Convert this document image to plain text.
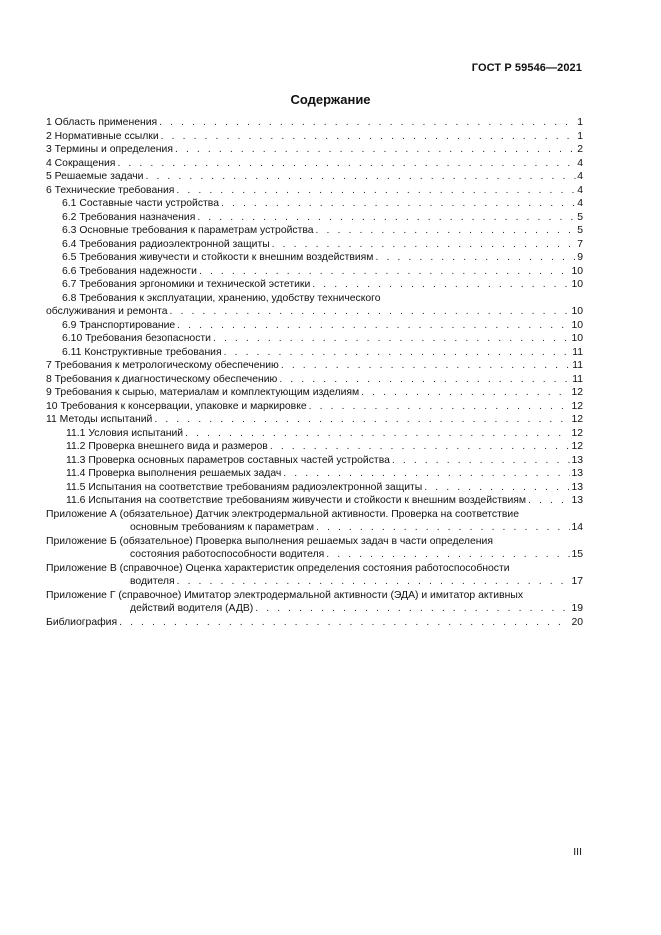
ГОСТ Р 59546—2021
Содержание
1 Область применения . . .	1
2 Нормативные ссылки . . .	1
3 Термины и определения . . .	2
4 Сокращения . . .	4
5 Решаемые задачи . . .	4
6 Технические требования . . .	4
6.1 Составные части устройства . . .	4
6.2 Требования назначения . . .	5
6.3 Основные требования к параметрам устройства . . .	5
6.4 Требования радиоэлектронной защиты . . .	7
6.5 Требования живучести и стойкости к внешним воздействиям . . .	9
6.6 Требования надежности . . .	10
6.7 Требования эргономики и технической эстетики . . .	10
6.8 Требования к эксплуатации, хранению, удобству технического
обслуживания и ремонта . . .	10
6.9 Транспортирование . . .	10
6.10 Требования безопасности . . .	10
6.11 Конструктивные требования . . .	11
7 Требования к метрологическому обеспечению . . .	11
8 Требования к диагностическому обеспечению . . .	11
9 Требования к сырью, материалам и комплектующим изделиям . . .	12
10 Требования к консервации, упаковке и маркировке . . .	12
11 Методы испытаний . . .	12
11.1 Условия испытаний . . .	12
11.2 Проверка внешнего вида и размеров . . .	12
11.3 Проверка основных параметров составных частей устройства . . .	13
11.4 Проверка выполнения решаемых задач . . .	13
11.5 Испытания на соответствие требованиям радиоэлектронной защиты . . .	13
11.6 Испытания на соответствие требованиям живучести и стойкости к внешним воздействиям . . .	13
Приложение А (обязательное) Датчик электродермальной активности. Проверка на соответствие
основным требованиям к параметрам . . .	14
Приложение Б (обязательное) Проверка выполнения решаемых задач в части определения
состояния работоспособности водителя . . .	15
Приложение В (справочное) Оценка характеристик определения состояния работоспособности
водителя . . .	17
Приложение Г (справочное) Имитатор электродермальной активности (ЭДА) и имитатор активных
действий водителя (АДВ) . . .	19
Библиография . . .	20
III
